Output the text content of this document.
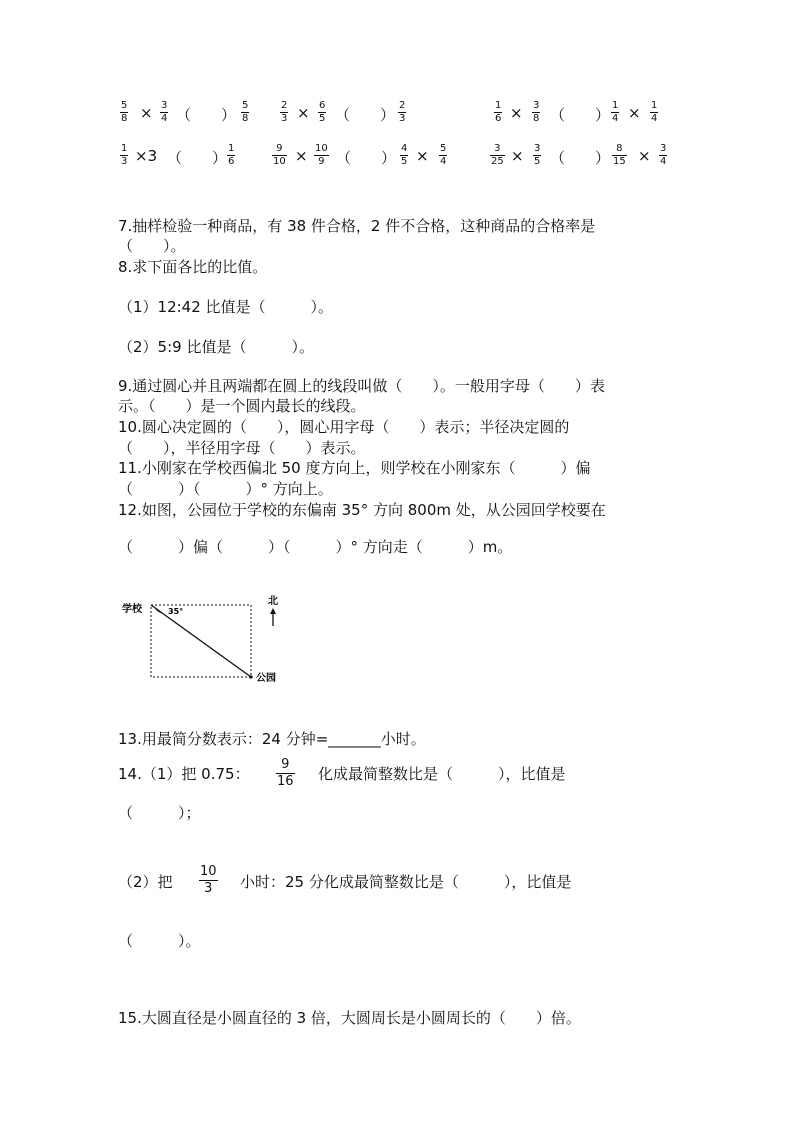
5
8 × 3
4 （　　）
5
8
2
3 × 6
5 （　　）
2
3
1
6 × 3
8 （　　）
1
4 × 1
4
1
3 ×3 （　　）
1
6
9
10 × 10
9 （　　）
4
5 × 5
4
3
25 × 3
5 （　　）
8
15 × 3
4
7.抽样检验一种商品，有 38 件合格，2 件不合格，这种商品的合格率是
（　　）。
8.求下面各比的比值。
（1）12:42 比值是（　　　）。
（2）5:9 比值是（　　　）。
9.通过圆心并且两端都在圆上的线段叫做（　　）。一般用字母（　　）表
示。（　　）是一个圆内最长的线段。
10.圆心决定圆的（　　），圆心用字母（　　）表示；半径决定圆的
（　　），半径用字母（　　）表示。
11.小刚家在学校西偏北 50 度方向上，则学校在小刚家东（　　　）偏
（　　　）（　　　）° 方向上。
12.如图，公园位于学校的东偏南 35° 方向 800m 处，从公园回学校要在
（　　　）偏（　　　）（　　　）° 方向走（　　　）m。
学校	35°
公园
北
13.用最简分数表示：24 分钟=_______小时。
14.（1）把 0.75：
9
16 化成最简整数比是（　　　），比值是
（　　　）；
（2）把
10
3 小时：25 分化成最简整数比是（　　　），比值是
（　　　）。
15.大圆直径是小圆直径的 3 倍，大圆周长是小圆周长的（　　）倍。
